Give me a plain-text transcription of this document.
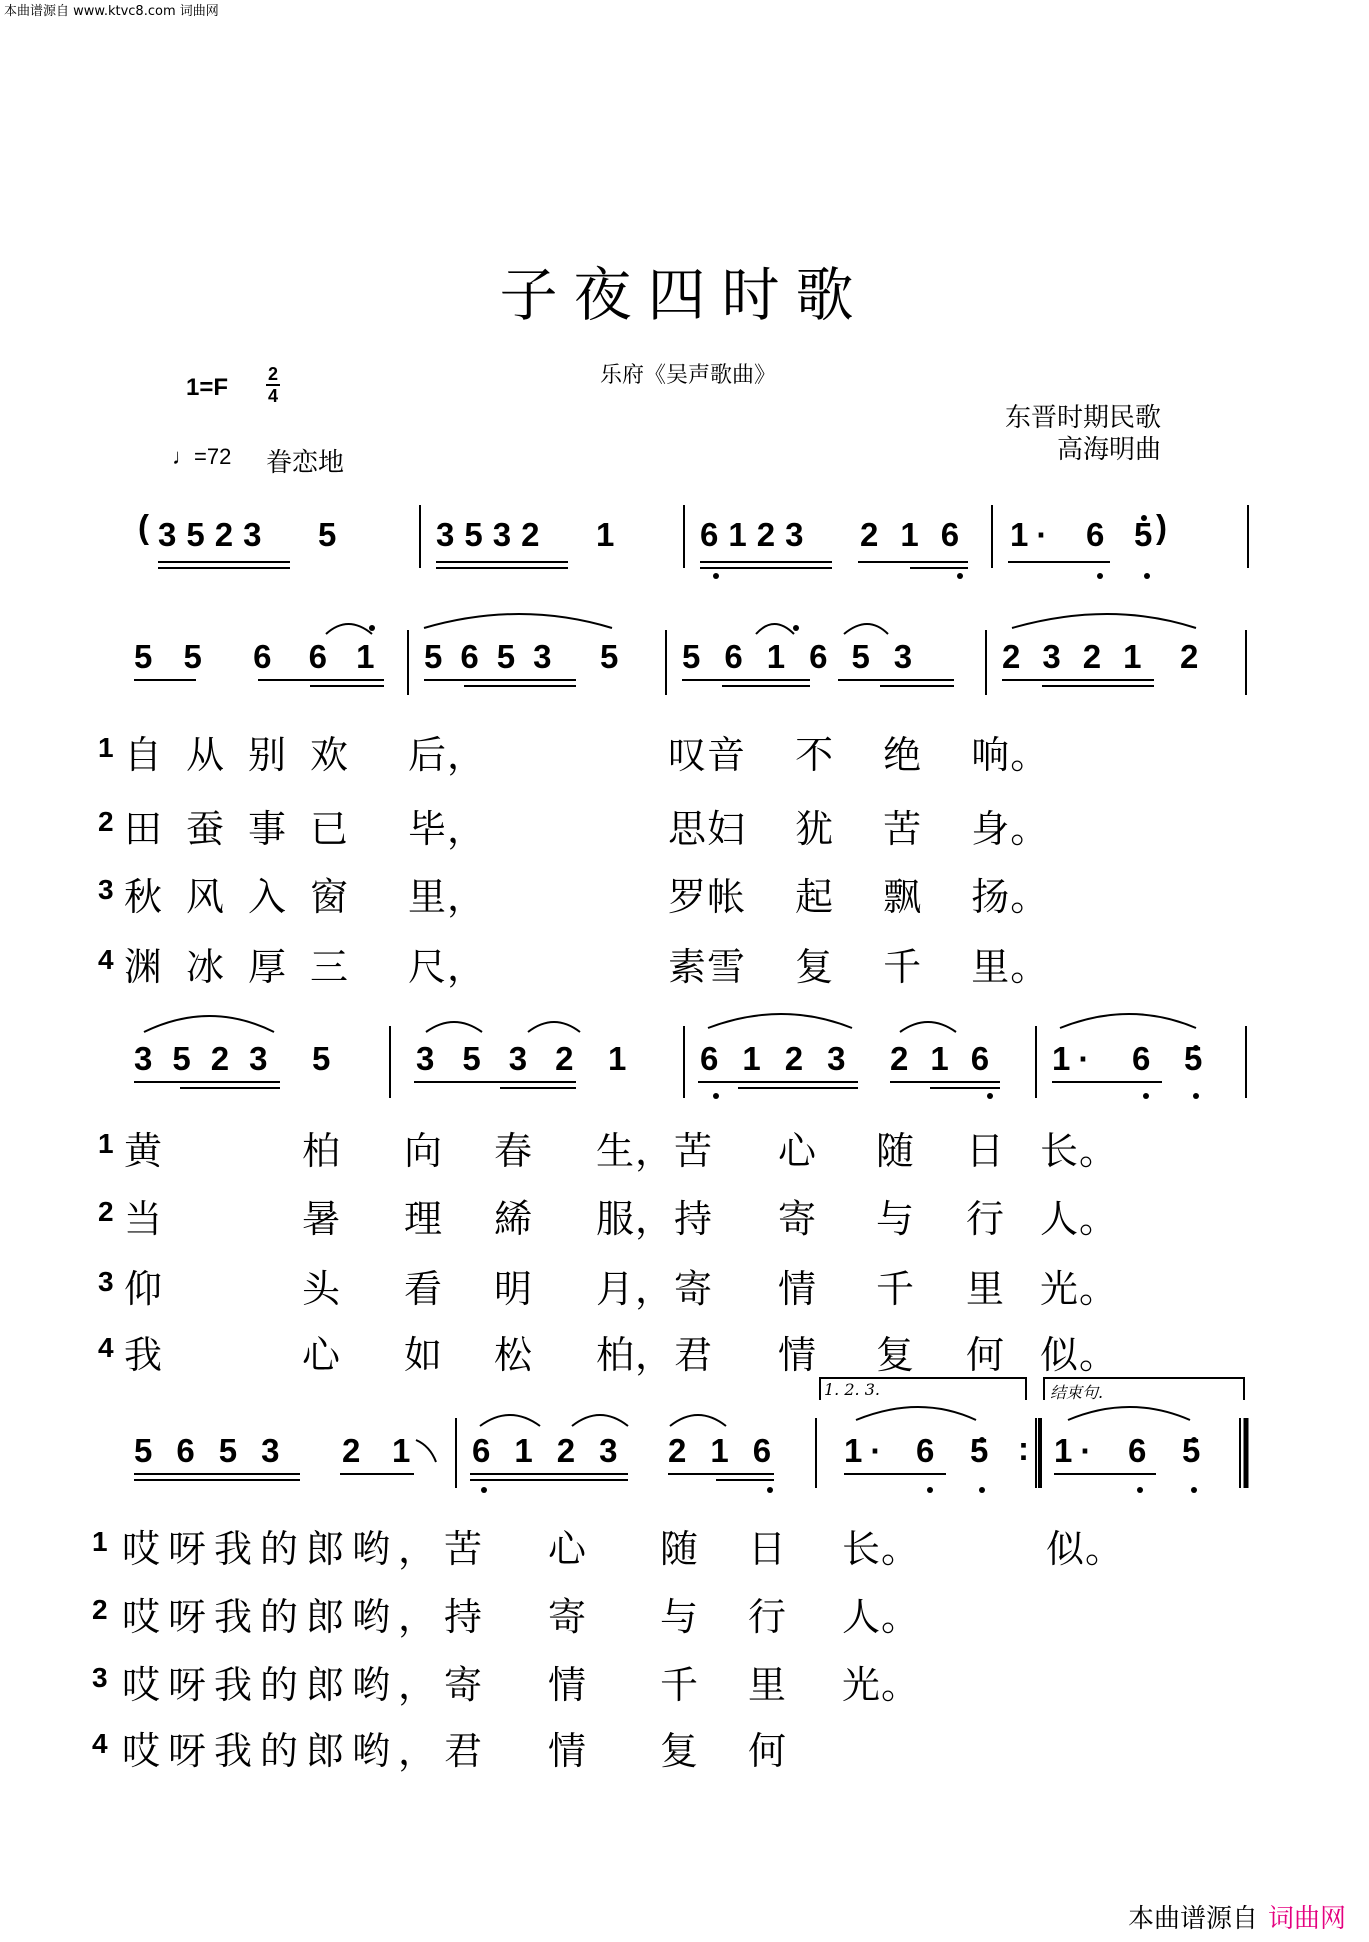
本曲谱源自 www.ktvc8.com 词曲网
本曲谱源自 词曲网
子夜四时歌
乐府《吴声歌曲》
1=F 2
4
♩=72 眷恋地
东晋时期民歌
高海明曲
( 3523 5	3532 1	6123 216 1· 6 5 )
5 5 6 6 1 5653 5 561653 2321 2
1 自从别欢 后，	叹音 不 绝 响。
2 田蚕事已 毕，	思妇 犹 苦 身。
3 秋风入窗 里，	罗帐 起 飘 扬。
4 渊冰厚三 尺，	素雪 复 千 里。
3523 5	3532 1 6123 216 1· 6 5
1 黄	柏 向 春 生，苦 心 随 日 长。
2 当	暑 理 絺 服，持 寄 与 行 人。
3 仰	头 看 明 月，寄 情 千 里 光。
4 我	心 如 松 柏，君 情 复 何 似。
1. 2. 3.	结束句.
5653 2 1 6123 216 1· 6 5 : 1· 6 5
1 哎呀我的郎哟，苦 心 随 日 长。	似。
2 哎呀我的郎哟，持 寄 与 行 人。
3 哎呀我的郎哟，寄 情 千 里 光。
4 哎呀我的郎哟，君 情 复 何
